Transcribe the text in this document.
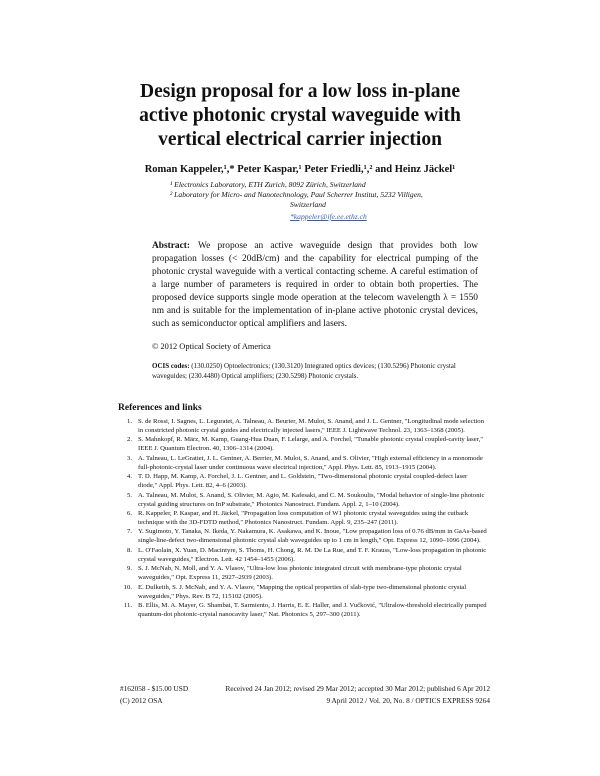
Design proposal for a low loss in-plane
active photonic crystal waveguide with
vertical electrical carrier injection
Roman Kappeler,¹,* Peter Kaspar,¹ Peter Friedli,¹,² and Heinz Jäckel¹
¹ Electronics Laboratory, ETH Zurich, 8092 Zürich, Switzerland
² Laboratory for Micro- and Nanotechnology, Paul Scherrer Institut, 5232 Villigen,
Switzerland
*kappeler@ife.ee.ethz.ch
Abstract: We propose an active waveguide design that provides both low propagation losses (< 20dB/cm) and the capability for electrical pumping of the photonic crystal waveguide with a vertical contacting scheme. A careful estimation of a large number of parameters is required in order to obtain both properties. The proposed device supports single mode operation at the telecom wavelength λ = 1550 nm and is suitable for the implementation of in-plane active photonic crystal devices, such as semiconductor optical amplifiers and lasers.
© 2012 Optical Society of America
OCIS codes: (130.0250) Optoelectronics; (130.3120) Integrated optics devices; (130.5296) Photonic crystal waveguides; (230.4480) Optical amplifiers; (230.5298) Photonic crystals.
References and links
1. S. de Rossi, I. Sagnes, L. Leguratet, A. Talneau, A. Beurier, M. Mulot, S. Anand, and J. L. Gentner, "Longitudinal mode selection in constricted photonic crystal guides and electrically injected lasers," IEEE J. Lightwave Technol. 23, 1363–1368 (2005).
2. S. Mahnkopf, R. März, M. Kamp, Guang-Hua Duan, F. Lelarge, and A. Forchel, "Tunable photonic crystal coupled-cavity laser," IEEE J. Quantum Electron. 40, 1306–1314 (2004).
3. A. Talneau, L. LeGratiet, J. L. Gentner, A. Berrier, M. Mulot, S. Anand, and S. Olivier, "High external efficiency in a monomode full-photonic-crystal laser under continuous wave electrical injection," Appl. Phys. Lett. 85, 1913–1915 (2004).
4. T. D. Happ, M. Kamp, A. Forchel, J. L. Gentner, and L. Goldstein, "Two-dimensional photonic crystal coupled-defect laser diode," Appl. Phys. Lett. 82, 4–6 (2003).
5. A. Talneau, M. Mulot, S. Anand, S. Olivier, M. Agio, M. Kafesaki, and C. M. Soukoulis, "Modal behavior of single-line photonic crystal guiding structures on InP substrate," Photonics Nanostruct. Fundam. Appl. 2, 1–10 (2004).
6. R. Kappeler, P. Kaspar, and H. Jäckel, "Propagation loss computation of W1 photonic crystal waveguides using the cutback technique with the 3D-FDTD method," Photonics Nanostruct. Fundam. Appl. 9, 235–247 (2011).
7. Y. Sugimoto, Y. Tanaka, N. Ikeda, Y. Nakamura, K. Asakawa, and K. Inoue, "Low propagation loss of 0.76 dB/mm in GaAs-based single-line-defect two-dimensional photonic crystal slab waveguides up to 1 cm in length," Opt. Express 12, 1090–1096 (2004).
8. L. O'Faolain, X. Yuan, D. Macintyre, S. Thoms, H. Chong, R. M. De La Rue, and T. F. Krauss, "Low-loss propagation in photonic crystal waveguides," Electron. Lett. 42 1454–1455 (2006).
9. S. J. McNab, N. Moll, and Y. A. Vlasov, "Ultra-low loss photonic integrated circuit with membrane-type photonic crystal waveguides," Opt. Express 11, 2927–2939 (2003).
10. E. Dulkeith, S. J. McNab, and Y. A. Vlasov, "Mapping the optical properties of slab-type two-dimensional photonic crystal waveguides," Phys. Rev. B 72, 115102 (2005).
11. B. Ellis, M. A. Mayer, G. Shambat, T. Sarmiento, J. Harris, E. E. Haller, and J. Vučković, "Ultralow-threshold electrically pumped quantum-dot photonic-crystal nanocavity laser," Nat. Photonics 5, 297–300 (2011).
#162058 - $15.00 USD	Received 24 Jan 2012; revised 29 Mar 2012; accepted 30 Mar 2012; published 6 Apr 2012
(C) 2012 OSA	9 April 2012 / Vol. 20, No. 8 / OPTICS EXPRESS 9264
